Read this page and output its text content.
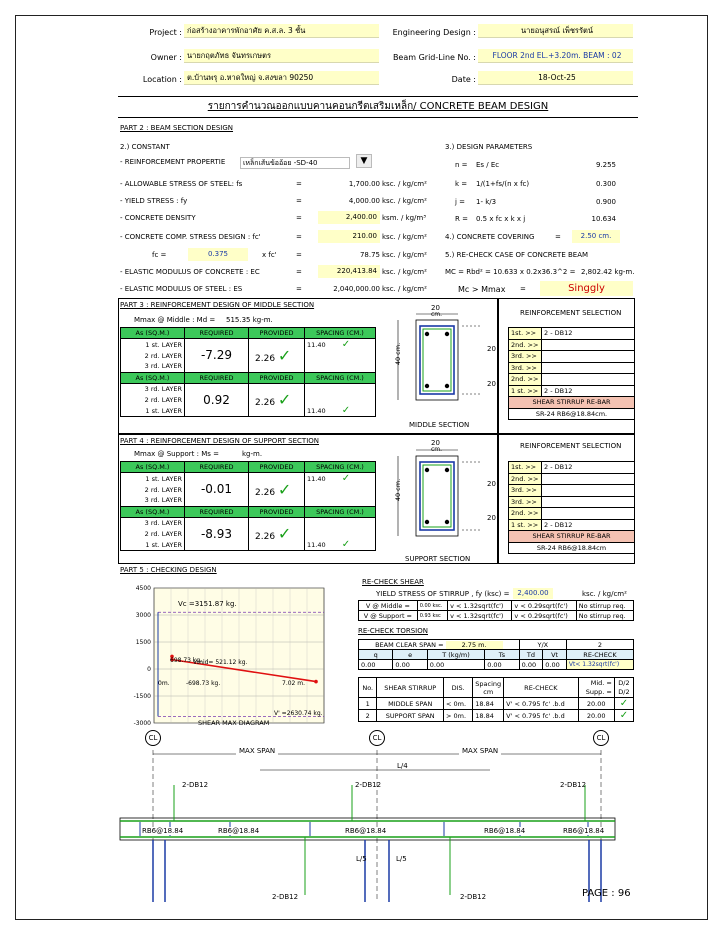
Project : ก่อสร้างอาคารพักอาศัย ค.ส.ล. 3 ชั้น	Engineering Design :	นายอนุสรณ์ เพ็ชรรัตน์
Owner : นายกฤตภัทธ จันทรเกษตร	Beam Grid-Line No. :	FLOOR 2nd EL.+3.20m. BEAM : 02
Location : ต.บ้านพรุ อ.หาดใหญ่ จ.สงขลา 90250	Date :	18-Oct-25
รายการคำนวณออกแบบคานคอนกรีตเสริมเหล็ก/ CONCRETE BEAM DESIGN
PART 2 : BEAM SECTION DESIGN
2.) CONSTANT
- REINFORCEMENT PROPERTIE	เหล็กเส้นข้ออ้อย -SD-40	▼
- ALLOWABLE STRESS OF STEEL: fs	=	1,700.00 ksc. / kg/cm²
- YIELD STRESS : fy	=	4,000.00 ksc. / kg/cm²
- CONCRETE DENSITY	=	2,400.00 ksm. / kg/m³
- CONCRETE COMP. STRESS DESIGN : fc'	=	210.00 ksc. / kg/cm²
fc =	0.375	x fc'	=	78.75 ksc. / kg/cm²
- ELASTIC MODULUS OF CONCRETE : EC	=	220,413.84 ksc. / kg/cm²
- ELASTIC MODULUS OF STEEL : ES	=	2,040,000.00 ksc. / kg/cm²
3.) DESIGN PARAMETERS
n = Es / Ec	9.255
k = 1/(1+fs/(n x fc)	0.300
j = 1- k/3	0.900
R = 0.5 x fc x k x j	10.634
4.) CONCRETE COVERING	=	2.50 cm.
5.) RE-CHECK CASE OF CONCRETE BEAM
MC = Rbd² = 10.633 x 0.2x36.3^2 = 2,802.42 kg-m.
Mc > Mmax =	Singgly
PART 3 : REINFORCEMENT DESIGN OF MIDDLE SECTION
Mmax @ Middle : Md = 515.35 kg-m.
As (SQ.M.)	REQUIRED	PROVIDED	SPACING (CM.)
1 st. LAYER	-7.29	2.26 ✓	11.40 ✓
2 rd. LAYER			
3 rd. LAYER			
As (SQ.M.)	REQUIRED	PROVIDED	SPACING (CM.)
3 rd. LAYER	0.92	2.26 ✓	
2 rd. LAYER			
1 st. LAYER			11.40 ✓
20
cm.
40 cm.	20
20
MIDDLE SECTION
REINFORCEMENT SELECTION
1st. >>	2 - DB12
2nd. >>	
3rd. >>	
3rd. >>	
2nd. >>	
1 st. >>	2 - DB12
SHEAR STIRRUP RE-BAR	
SR-24 RB6@18.84cm.	
PART 4 : REINFORCEMENT DESIGN OF SUPPORT SECTION
Mmax @ Support : Ms =	kg-m.
As (SQ.M.)	REQUIRED	PROVIDED	SPACING (CM.)
1 st. LAYER	-0.01	2.26 ✓	11.40 ✓
2 rd. LAYER			
3 rd. LAYER			
As (SQ.M.)	REQUIRED	PROVIDED	SPACING (CM.)
3 rd. LAYER	-8.93	2.26 ✓	
2 rd. LAYER			
1 st. LAYER			11.40 ✓
20
cm.
40 cm.	20
20
SUPPORT SECTION
REINFORCEMENT SELECTION
1st. >>	2 - DB12
2nd. >>	
3rd. >>	
3rd. >>	
2nd. >>	
1 st. >>	2 - DB12
SHEAR STIRRUP RE-BAR	
SR-24 RB6@18.84cm	
PART 5 : CHECKING DESIGN
4500
3000
1500
0
-1500
-3000
Vc =3151.87 kg.
698.73 kg.
Vmid= 521.12 kg.
-698.73 kg.
0m.	7.02 m.
V' =2630.74 kg.
SHEAR MAX DIAGRAM
RE-CHECK SHEAR
YIELD STRESS OF STIRRUP , fy (ksc) =	2,400.00	ksc. / kg/cm²
V @ Middle =	0.00 ksc.	v < 1.32sqrt(fc')	v < 0.29sqrt(fc')	No stirrup req.
V @ Support =	0.93 ksc	v < 1.32sqrt(fc')	v < 0.29sqrt(fc')	No stirrup req.
RE-CHECK TORSION
BEAM CLEAR SPAN = 2.75 m.				Y/X		2
q	e	T (kg/m)	Ts	Td	Vt	RE-CHECK
0.00	0.00	0.00	0.00	0.00	0.00	Vt< 1.32sqrt(fc')
No.	SHEAR STIRRUP	DIS.	Spacing cm	RE-CHECK	Mid. =	D/2
					Supp. =	D/2
1	MIDDLE SPAN	< 0m.	18.84	V' < 0.795 fc' .b.d	20.00	✓
2	SUPPORT SPAN	> 0m.	18.84	V' < 0.795 fc' .b.d	20.00	✓
CL	CL	CL
MAX SPAN	MAX SPAN
L/4
2-DB12	2-DB12	2-DB12
RB6@18.84	RB6@18.84	RB6@18.84	RB6@18.84	RB6@18.84
L/5	L/5
2-DB12	2-DB12	PAGE : 96
